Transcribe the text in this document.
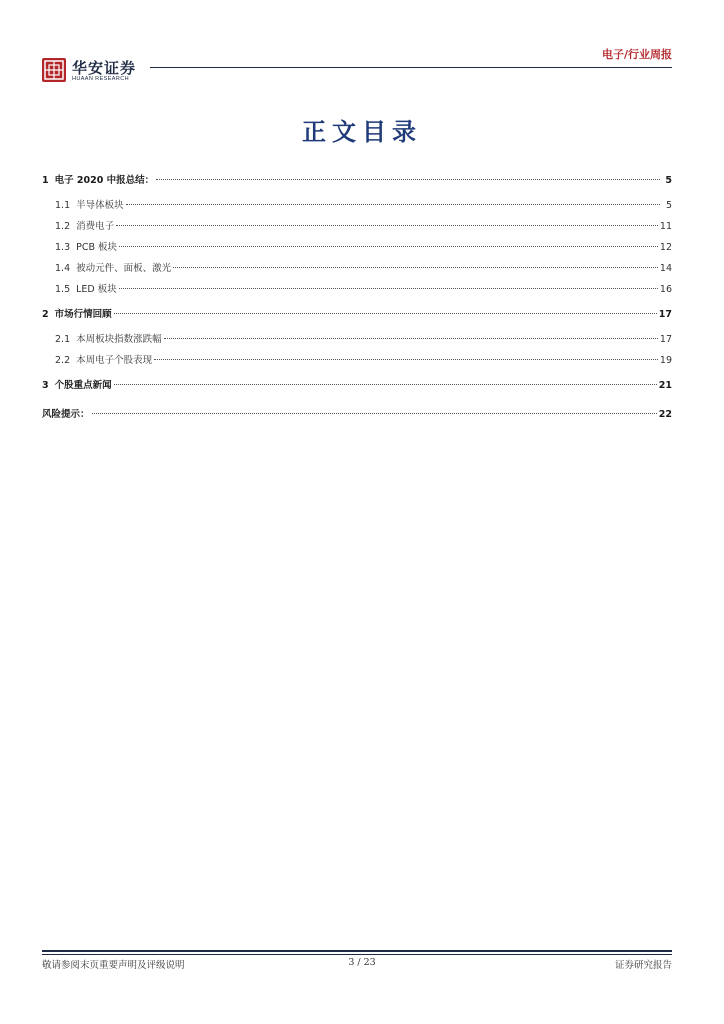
华安证券
HUAAN RESEARCH
电子/行业周报
正文目录
1 电子 2020 中报总结：	5
1.1 半导体板块	5
1.2 消费电子	11
1.3 PCB 板块	12
1.4 被动元件、面板、激光	14
1.5 LED 板块	16
2 市场行情回顾	17
2.1 本周板块指数涨跌幅	17
2.2 本周电子个股表现	19
3 个股重点新闻	21
风险提示：	22
敬请参阅末页重要声明及评级说明	3 / 23	证券研究报告
